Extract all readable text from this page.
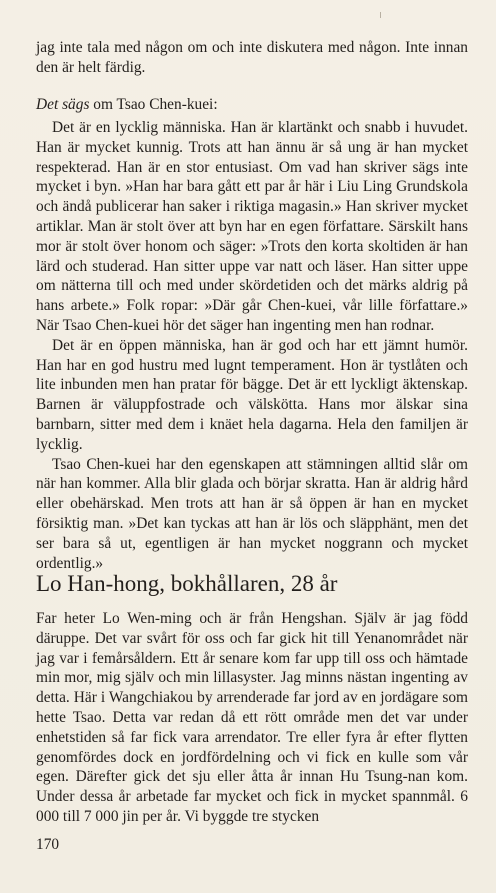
jag inte tala med någon om och inte diskutera med någon. Inte innan den är helt färdig.

Det sägs om Tsao Chen-kuei:

Det är en lycklig människa. Han är klartänkt och snabb i huvudet. Han är mycket kunnig. Trots att han ännu är så ung är han mycket respekterad. Han är en stor entusiast. Om vad han skriver sägs inte mycket i byn. »Han har bara gått ett par år här i Liu Ling Grundskola och ändå publicerar han saker i riktiga magasin.» Han skriver mycket artiklar. Man är stolt över att byn har en egen författare. Särskilt hans mor är stolt över honom och säger: »Trots den korta skoltiden är han lärd och studerad. Han sitter uppe var natt och läser. Han sitter uppe om nätterna till och med under skördetiden och det märks aldrig på hans arbete.» Folk ropar: »Där går Chen-kuei, vår lille författare.» När Tsao Chen-kuei hör det säger han ingenting men han rodnar.

Det är en öppen människa, han är god och har ett jämnt humör. Han har en god hustru med lugnt temperament. Hon är tystlåten och lite inbunden men han pratar för bägge. Det är ett lyckligt äktenskap. Barnen är väluppfostrade och välskötta. Hans mor älskar sina barnbarn, sitter med dem i knäet hela dagarna. Hela den familjen är lycklig.

Tsao Chen-kuei har den egenskapen att stämningen alltid slår om när han kommer. Alla blir glada och börjar skratta. Han är aldrig hård eller obehärskad. Men trots att han är så öppen är han en mycket försiktig man. »Det kan tyckas att han är lös och släpphänt, men det ser bara så ut, egentligen är han mycket noggrann och mycket ordentlig.»

Lo Han-hong, bokhållaren, 28 år

Far heter Lo Wen-ming och är från Hengshan. Själv är jag född däruppe. Det var svårt för oss och far gick hit till Yenanområdet när jag var i femårsåldern. Ett år senare kom far upp till oss och hämtade min mor, mig själv och min lillasyster. Jag minns nästan ingenting av detta. Här i Wangchiakou by arrenderade far jord av en jordägare som hette Tsao. Detta var redan då ett rött område men det var under enhetstiden så far fick vara arrendator. Tre eller fyra år efter flytten genomfördes dock en jordfördelning och vi fick en kulle som vår egen. Därefter gick det sju eller åtta år innan Hu Tsung-nan kom. Under dessa år arbetade far mycket och fick in mycket spannmål. 6 000 till 7 000 jin per år. Vi byggde tre stycken

170
